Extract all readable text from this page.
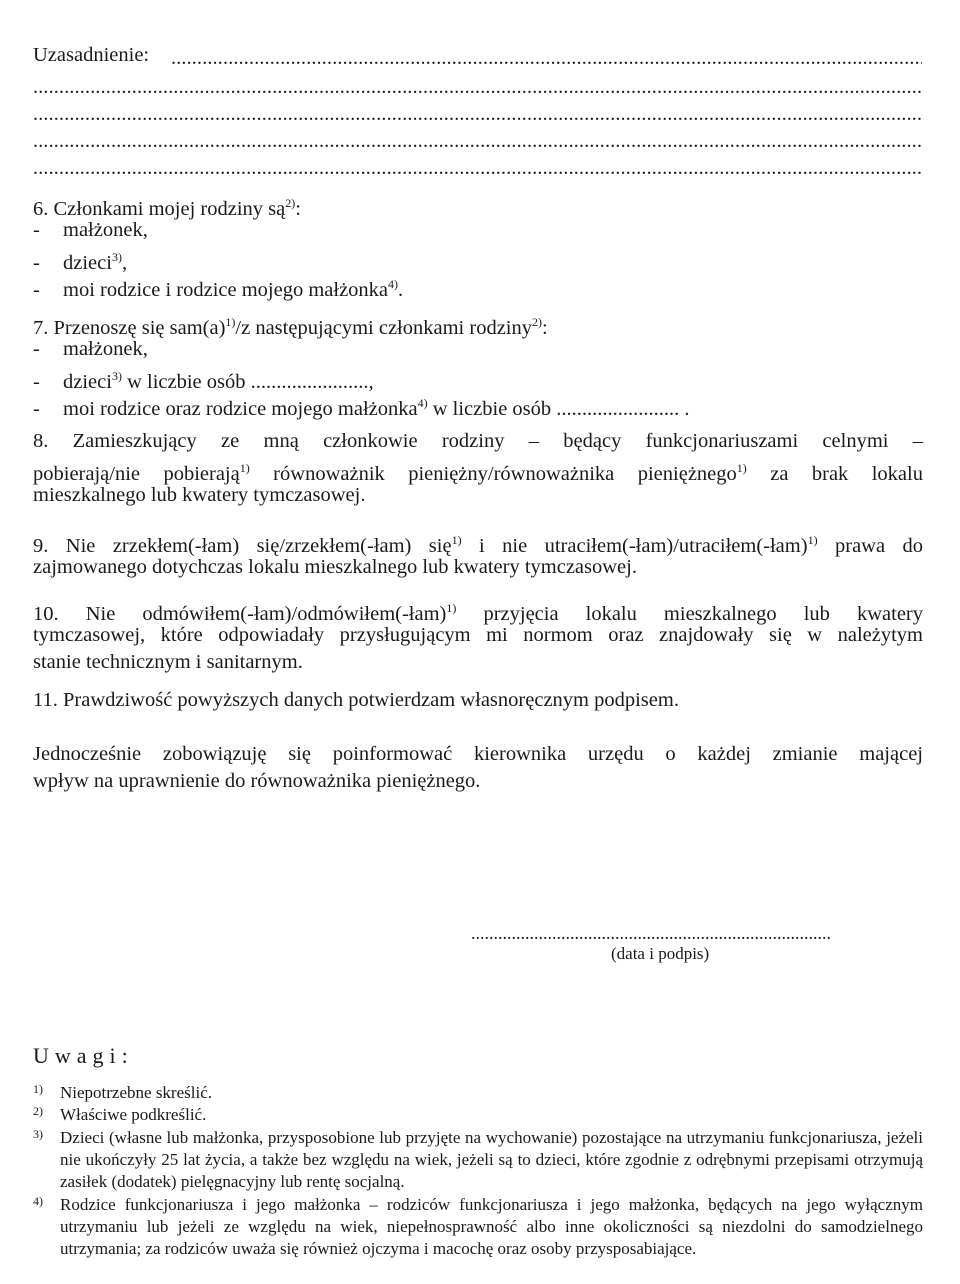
Uzasadnienie:
.....
.....
.....
.....
.....
6. Członkami mojej rodziny $są^{2)}$:
- małżonek,
- dzieci$^{3)}$,
- moi rodzice i rodzice mojego małżonka$^{4)}$.
7. Przenoszę się $sam(a)^{1)}/z$ następującymi członkami rodziny$^{2)}$:
- małżonek,
- dzieci$^{3)}$ w liczbie osób .......................,
- moi rodzice oraz rodzice mojego małżonka$^{4)}$ w liczbie osób ........................ .
8. Zamieszkujący ze mną członkowie rodziny – będący funkcjonariuszami celnymi –
pobierają/nie pobierają$^{1)}$ równoważnik pieniężny/równoważnika pieniężnego$^{1)}$ za brak lokalu
mieszkalnego lub kwatery tymczasowej.
9. Nie zrzekłem(-łam) się/zrzekłem(-łam) się$^{1)}$ i nie utraciłem(-łam)/utraciłem(-łam)$^{1)}$ prawa do
zajmowanego dotychczas lokalu mieszkalnego lub kwatery tymczasowej.
10. Nie odmówiłem(-łam)/odmówiłem(-łam)$^{1)}$ przyjęcia lokalu mieszkalnego lub kwatery
tymczasowej, które odpowiadały przysługującym mi normom oraz znajdowały się w należytym
stanie technicznym i sanitarnym.
11. Prawdziwość powyższych danych potwierdzam własnoręcznym podpisem.
Jednocześnie zobowiązuję się poinformować kierownika urzędu o każdej zmianie mającej
wpływ na uprawnienie do równoważnika pieniężnego.
.....
(data i podpis)
Uwagi:
1) Niepotrzebne skreślić.
2) Właściwe podkreślić.
3) Dzieci (własne lub małżonka, przysposobione lub przyjęte na wychowanie) pozostające na utrzymaniu funkcjonariusza, jeżeli nie ukończyły 25 lat życia, a także bez względu na wiek, jeżeli są to dzieci, które zgodnie z odrębnymi przepisami otrzymują zasiłek (dodatek) pielęgnacyjny lub rentę socjalną.
4) Rodzice funkcjonariusza i jego małżonka – rodziców funkcjonariusza i jego małżonka, będących na jego wyłącznym utrzymaniu lub jeżeli ze względu na wiek, niepełnosprawność albo inne okoliczności są niezdolni do samodzielnego utrzymania; za rodziców uważa się również ojczyma i macochę oraz osoby przysposabiające.
